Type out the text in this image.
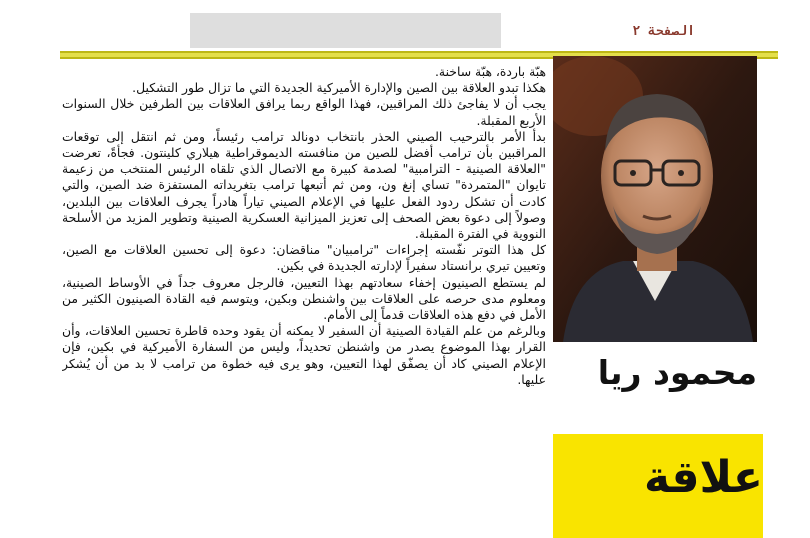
الصفحة ٢

هبّة باردة، هبّة ساخنة.

هكذا تبدو العلاقة بين الصين والإدارة الأميركية الجديدة التي ما تزال طور التشكيل.

يجب أن لا يفاجئ ذلك المراقبين، فهذا الواقع ربما يرافق العلاقات بين الطرفين خلال السنوات الأربع المقبلة.

بدأ الأمر بالترحيب الصيني الحذر بانتخاب دونالد ترامب رئيساً، ومن ثم انتقل إلى توقعات المراقبين بأن ترامب أفضل للصين من منافسته الديموقراطية هيلاري كلينتون. فجأةً، تعرضت "العلاقة الصينية - الترامبية" لصدمة كبيرة مع الاتصال الذي تلقاه الرئيس المنتخب من زعيمة تايوان "المتمردة" تساي إنغ ون، ومن ثم أتبعها ترامب بتغريداته المستفزة ضد الصين، والتي كادت أن تشكل ردود الفعل عليها في الإعلام الصيني تياراً هادراً يجرف العلاقات بين البلدين، وصولاً إلى دعوة بعض الصحف إلى تعزيز الميزانية العسكرية الصينية وتطوير المزيد من الأسلحة النووية في الفترة المقبلة.

كل هذا التوتر نفّسته إجراءات "ترامبيان" مناقضان: دعوة إلى تحسين العلاقات مع الصين، وتعيين تيري برانستاد سفيراً لإدارته الجديدة في بكين.

لم يستطع الصينيون إخفاء سعادتهم بهذا التعيين، فالرجل معروف جداً في الأوساط الصينية، ومعلوم مدى حرصه على العلاقات بين واشنطن وبكين، ويتوسم فيه القادة الصينيون الكثير من الأمل في دفع هذه العلاقات قدماً إلى الأمام.

وبالرغم من علم القيادة الصينية أن السفير لا يمكنه أن يقود وحده قاطرة تحسين العلاقات، وأن القرار بهذا الموضوع يصدر من واشنطن تحديداً، وليس من السفارة الأميركية في بكين، فإن الإعلام الصيني كاد أن يصفّق لهذا التعيين، وهو يرى فيه خطوة من ترامب لا بد من أن يُشكر عليها.	محمود ريا
علاقة
